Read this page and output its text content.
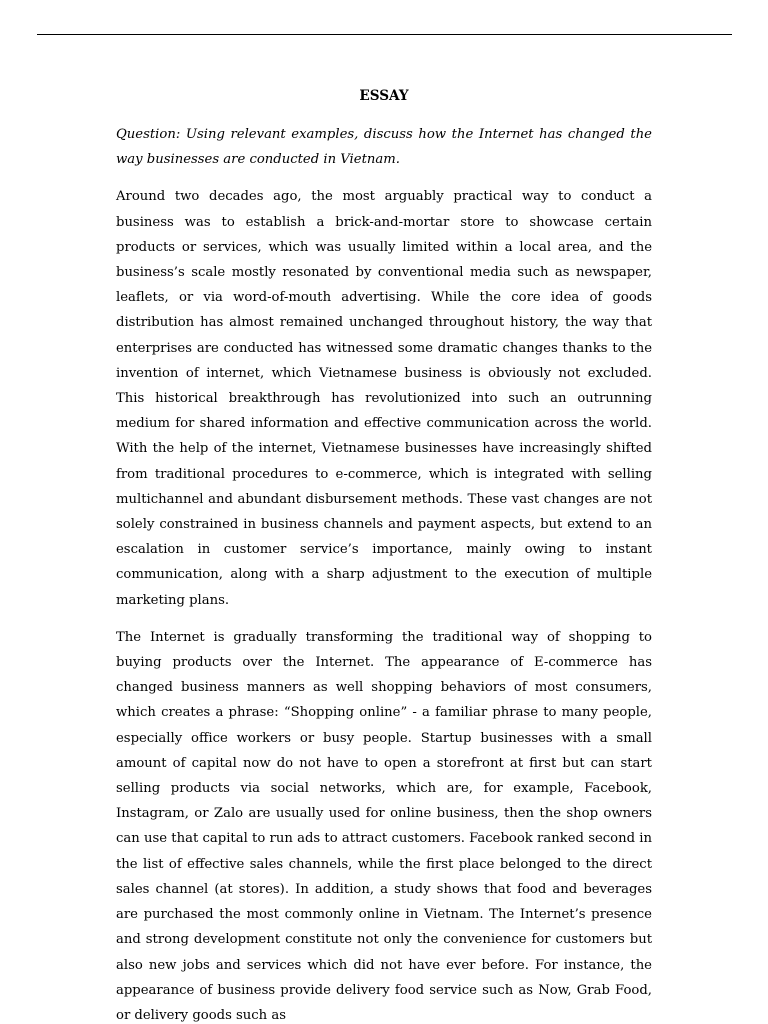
ESSAY

Question: Using relevant examples, discuss how the Internet has changed the way businesses are conducted in Vietnam.

Around two decades ago, the most arguably practical way to conduct a business was to establish a brick-and-mortar store to showcase certain products or services, which was usually limited within a local area, and the business’s scale mostly resonated by conventional media such as newspaper, leaflets, or via word-of-mouth advertising. While the core idea of goods distribution has almost remained unchanged throughout history, the way that enterprises are conducted has witnessed some dramatic changes thanks to the invention of internet, which Vietnamese business is obviously not excluded. This historical breakthrough has revolutionized into such an outrunning medium for shared information and effective communication across the world. With the help of the internet, Vietnamese businesses have increasingly shifted from traditional procedures to e-commerce, which is integrated with selling multichannel and abundant disbursement methods. These vast changes are not solely constrained in business channels and payment aspects, but extend to an escalation in customer service’s importance, mainly owing to instant communication, along with a sharp adjustment to the execution of multiple marketing plans.

The Internet is gradually transforming the traditional way of shopping to buying products over the Internet. The appearance of E-commerce has changed business manners as well shopping behaviors of most consumers, which creates a phrase: “Shopping online” - a familiar phrase to many people, especially office workers or busy people. Startup businesses with a small amount of capital now do not have to open a storefront at first but can start selling products via social networks, which are, for example, Facebook, Instagram, or Zalo are usually used for online business, then the shop owners can use that capital to run ads to attract customers. Facebook ranked second in the list of effective sales channels, while the first place belonged to the direct sales channel (at stores). In addition, a study shows that food and beverages are purchased the most commonly online in Vietnam. The Internet’s presence and strong development constitute not only the convenience for customers but also new jobs and services which did not have ever before. For instance, the appearance of business provide delivery food service such as Now, Grab Food, or delivery goods such as
